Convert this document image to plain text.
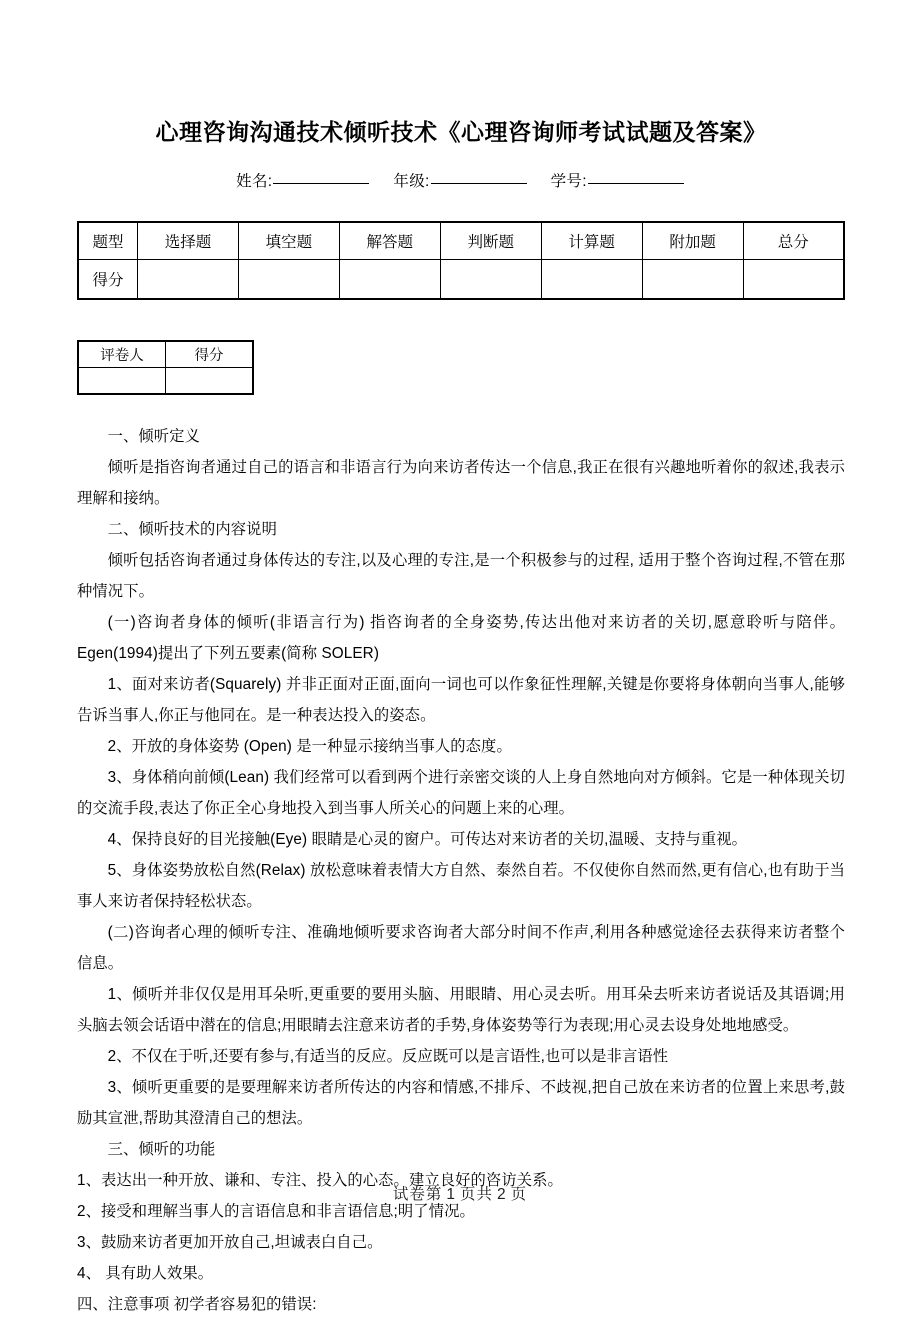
心理咨询沟通技术倾听技术《心理咨询师考试试题及答案》
姓名:	年级:	学号:
题型	选择题	填空题	解答题	判断题	计算题	附加题	总分
得分							
评卷人	得分

一、倾听定义

倾听是指咨询者通过自己的语言和非语言行为向来访者传达一个信息,我正在很有兴趣地听着你的叙述,我表示理解和接纳。

二、倾听技术的内容说明

倾听包括咨询者通过身体传达的专注,以及心理的专注,是一个积极参与的过程, 适用于整个咨询过程,不管在那种情况下。

(一)咨询者身体的倾听(非语言行为) 指咨询者的全身姿势,传达出他对来访者的关切,愿意聆听与陪伴。 Egen(1994)提出了下列五要素(简称 SOLER)

1、面对来访者(Squarely) 并非正面对正面,面向一词也可以作象征性理解,关键是你要将身体朝向当事人,能够告诉当事人,你正与他同在。是一种表达投入的姿态。

2、开放的身体姿势 (Open) 是一种显示接纳当事人的态度。

3、身体稍向前倾(Lean) 我们经常可以看到两个进行亲密交谈的人上身自然地向对方倾斜。它是一种体现关切的交流手段,表达了你正全心身地投入到当事人所关心的问题上来的心理。

4、保持良好的目光接触(Eye) 眼睛是心灵的窗户。可传达对来访者的关切,温暖、支持与重视。

5、身体姿势放松自然(Relax) 放松意味着表情大方自然、泰然自若。不仅使你自然而然,更有信心,也有助于当事人来访者保持轻松状态。

(二)咨询者心理的倾听专注、准确地倾听要求咨询者大部分时间不作声,利用各种感觉途径去获得来访者整个信息。

1、倾听并非仅仅是用耳朵听,更重要的要用头脑、用眼睛、用心灵去听。用耳朵去听来访者说话及其语调;用头脑去领会话语中潜在的信息;用眼睛去注意来访者的手势,身体姿势等行为表现;用心灵去设身处地地感受。

2、不仅在于听,还要有参与,有适当的反应。反应既可以是言语性,也可以是非言语性

3、倾听更重要的是要理解来访者所传达的内容和情感,不排斥、不歧视,把自己放在来访者的位置上来思考,鼓励其宣泄,帮助其澄清自己的想法。

三、倾听的功能

1、表达出一种开放、谦和、专注、投入的心态。建立良好的咨访关系。

2、接受和理解当事人的言语信息和非言语信息;明了情况。

3、鼓励来访者更加开放自己,坦诚表白自己。

4、 具有助人效果。

四、注意事项 初学者容易犯的错误:

试卷第 1 页共 2 页
